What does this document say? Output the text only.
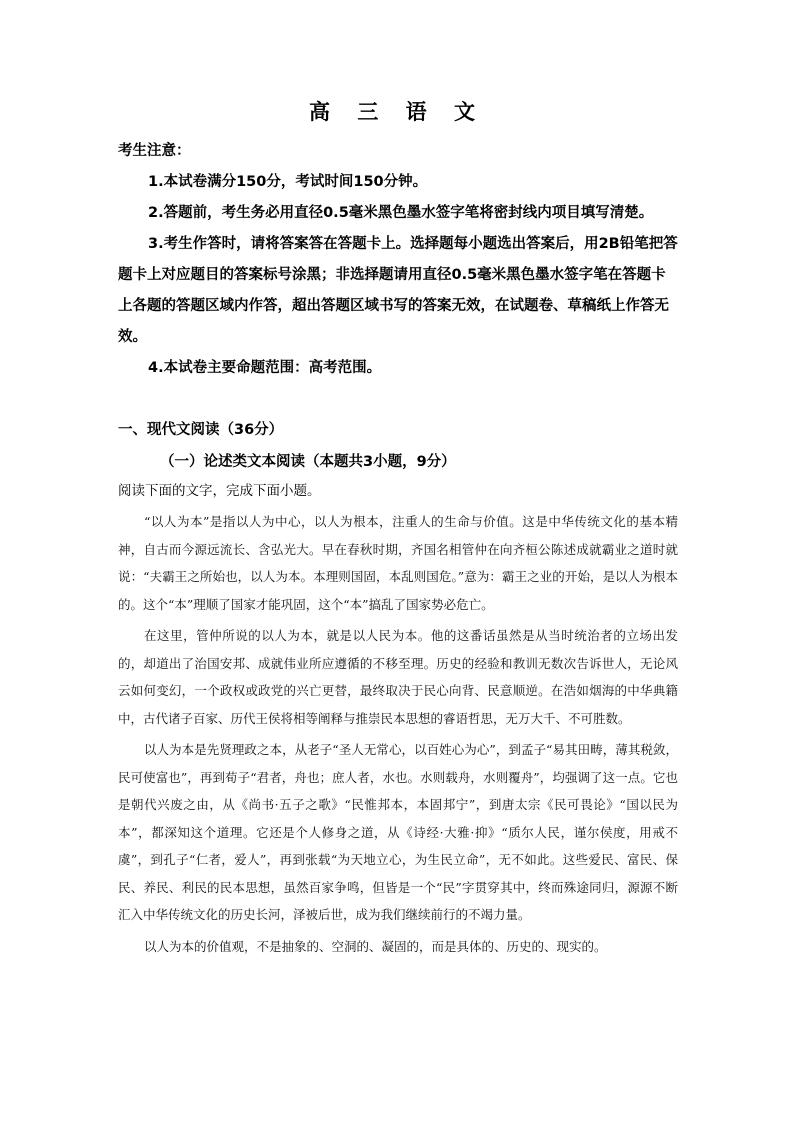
高 三 语 文

考生注意：

1.本试卷满分150分，考试时间150分钟。

2.答题前，考生务必用直径0.5毫米黑色墨水签字笔将密封线内项目填写清楚。

3.考生作答时，请将答案答在答题卡上。选择题每小题选出答案后，用2B铅笔把答题卡上对应题目的答案标号涂黑；非选择题请用直径0.5毫米黑色墨水签字笔在答题卡上各题的答题区域内作答，超出答题区域书写的答案无效，在试题卷、草稿纸上作答无效。

4.本试卷主要命题范围：高考范围。

一、现代文阅读（36分）
（一）论述类文本阅读（本题共3小题，9分）
阅读下面的文字，完成下面小题。

“以人为本”是指以人为中心，以人为根本，注重人的生命与价值。这是中华传统文化的基本精神，自古而今源远流长、含弘光大。早在春秋时期，齐国名相管仲在向齐桓公陈述成就霸业之道时就说：“夫霸王之所始也，以人为本。本理则国固，本乱则国危。”意为：霸王之业的开始，是以人为根本的。这个“本”理顺了国家才能巩固，这个“本”搞乱了国家势必危亡。

在这里，管仲所说的以人为本，就是以人民为本。他的这番话虽然是从当时统治者的立场出发的，却道出了治国安邦、成就伟业所应遵循的不移至理。历史的经验和教训无数次告诉世人，无论风云如何变幻，一个政权或政党的兴亡更替，最终取决于民心向背、民意顺逆。在浩如烟海的中华典籍中，古代诸子百家、历代王侯将相等阐释与推崇民本思想的睿语哲思，无万大千、不可胜数。

以人为本是先贤理政之本，从老子“圣人无常心，以百姓心为心”，到孟子“易其田畴，薄其税敛，民可使富也”，再到荀子“君者，舟也；庶人者，水也。水则载舟，水则覆舟”，均强调了这一点。它也是朝代兴废之由，从《尚书·五子之歌》“民惟邦本，本固邦宁”，到唐太宗《民可畏论》“国以民为本”，都深知这个道理。它还是个人修身之道，从《诗经·大雅·抑》“质尔人民，谨尔侯度，用戒不虞”，到孔子“仁者，爱人”，再到张载“为天地立心，为生民立命”，无不如此。这些爱民、富民、保民、养民、利民的民本思想，虽然百家争鸣，但皆是一个“民”字贯穿其中，终而殊途同归，源源不断汇入中华传统文化的历史长河，泽被后世，成为我们继续前行的不竭力量。

以人为本的价值观，不是抽象的、空洞的、凝固的，而是具体的、历史的、现实的。
